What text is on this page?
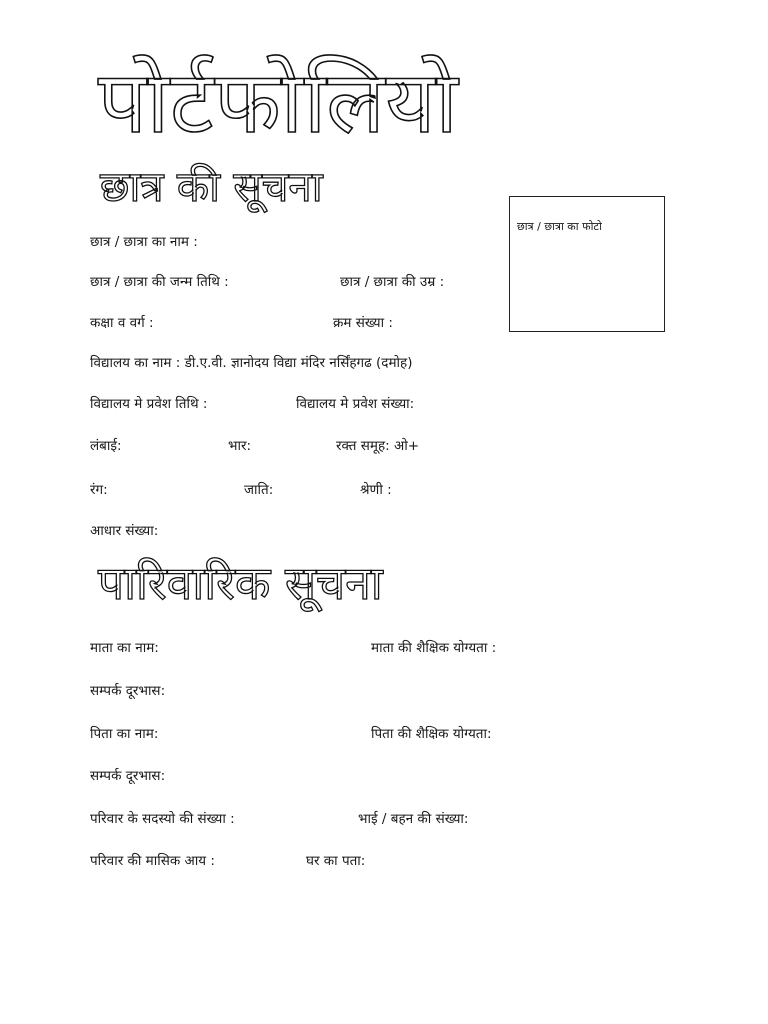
पोर्टफोलियो
छात्र की सूचना
छात्र / छात्रा का फोटो
छात्र / छात्रा का नाम :
छात्र / छात्रा की जन्म तिथि :	छात्र / छात्रा की उम्र :
कक्षा व वर्ग :	क्रम संख्या :
विद्यालय का नाम : डी.ए.वी. ज्ञानोदय विद्या मंदिर नर्सिंहगढ (दमोह)
विद्यालय मे प्रवेश तिथि :	विद्यालय मे प्रवेश संख्या:
लंबाई:	भार:	रक्त समूह: ओ+
रंग:	जाति:	श्रेणी :
आधार संख्या:
पारिवारिक सूचना
माता का नाम:	माता की शैक्षिक योग्यता :
सम्पर्क दूरभास:
पिता का नाम:	पिता की शैक्षिक योग्यता:
सम्पर्क दूरभास:
परिवार के सदस्यो की संख्या :	भाई / बहन की संख्या:
परिवार की मासिक आय :	घर का पता:
